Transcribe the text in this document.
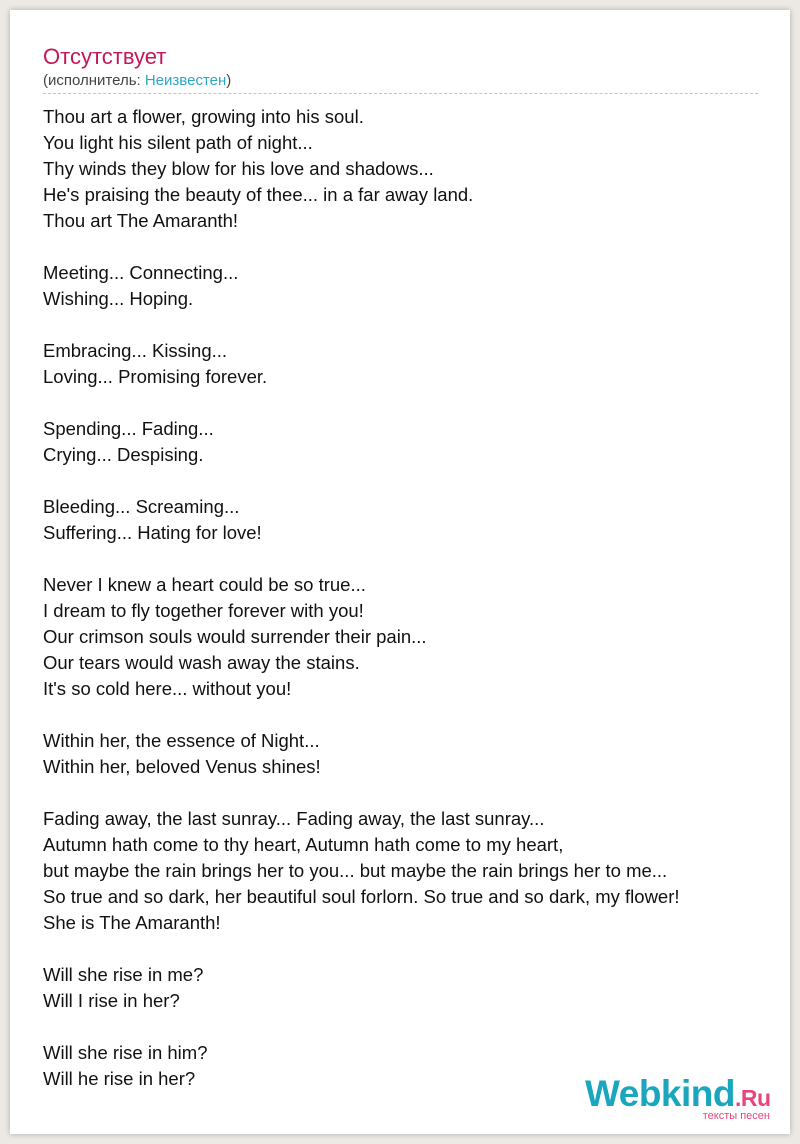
Отсутствует
(исполнитель: Неизвестен)
Thou art a flower, growing into his soul.
You light his silent path of night...
Thy winds they blow for his love and shadows...
He's praising the beauty of thee... in a far away land.
Thou art The Amaranth!
Meeting... Connecting...
Wishing... Hoping.
Embracing... Kissing...
Loving... Promising forever.
Spending... Fading...
Crying... Despising.
Bleeding... Screaming...
Suffering... Hating for love!
Never I knew a heart could be so true...
I dream to fly together forever with you!
Our crimson souls would surrender their pain...
Our tears would wash away the stains.
It's so cold here... without you!
Within her, the essence of Night...
Within her, beloved Venus shines!
Fading away, the last sunray... Fading away, the last sunray...
Autumn hath come to thy heart, Autumn hath come to my heart,
but maybe the rain brings her to you... but maybe the rain brings her to me...
So true and so dark, her beautiful soul forlorn. So true and so dark, my flower!
She is The Amaranth!
Will she rise in me?
Will I rise in her?
Will she rise in him?
Will he rise in her?	Webkind.Ru
тексты песен
